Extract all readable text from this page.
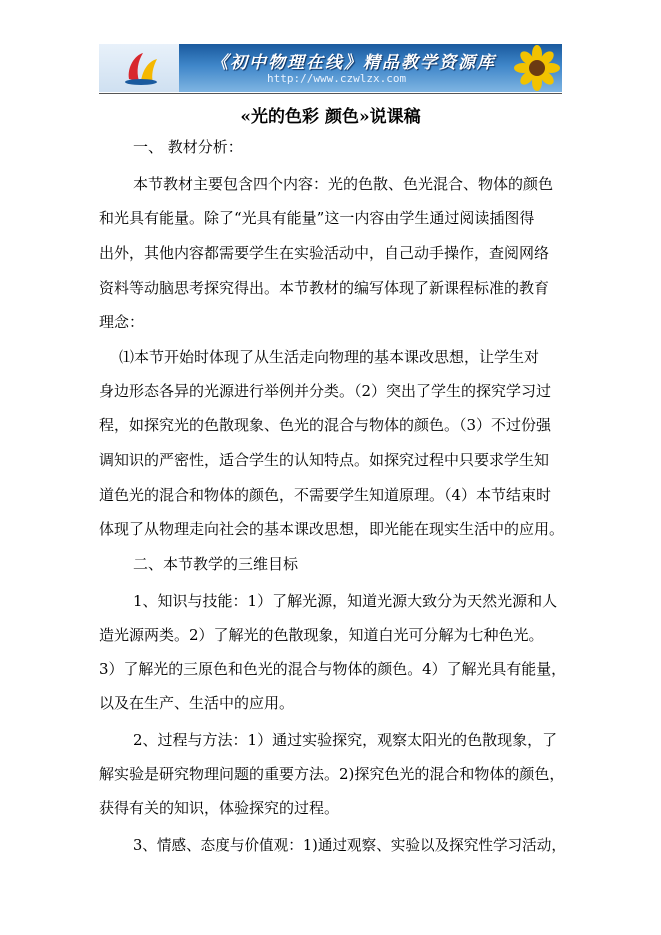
《初中物理在线》精品教学资源库
http://www.czwlzx.com
«光的色彩 颜色»说课稿
一、 教材分析：
本节教材主要包含四个内容：光的色散、色光混合、物体的颜色
和光具有能量。除了“光具有能量”这一内容由学生通过阅读插图得
出外，其他内容都需要学生在实验活动中，自己动手操作，查阅网络
资料等动脑思考探究得出。本节教材的编写体现了新课程标准的教育
理念：
⑴本节开始时体现了从生活走向物理的基本课改思想，让学生对
身边形态各异的光源进行举例并分类。（2）突出了学生的探究学习过
程，如探究光的色散现象、色光的混合与物体的颜色。（3）不过份强
调知识的严密性，适合学生的认知特点。如探究过程中只要求学生知
道色光的混合和物体的颜色，不需要学生知道原理。（4）本节结束时
体现了从物理走向社会的基本课改思想，即光能在现实生活中的应用。
二、本节教学的三维目标
1、知识与技能：1）了解光源，知道光源大致分为天然光源和人
造光源两类。2）了解光的色散现象，知道白光可分解为七种色光。
3）了解光的三原色和色光的混合与物体的颜色。4）了解光具有能量，
以及在生产、生活中的应用。
2、过程与方法：1）通过实验探究，观察太阳光的色散现象，了
解实验是研究物理问题的重要方法。2)探究色光的混合和物体的颜色，
获得有关的知识，体验探究的过程。
3、情感、态度与价值观：1)通过观察、实验以及探究性学习活动，
